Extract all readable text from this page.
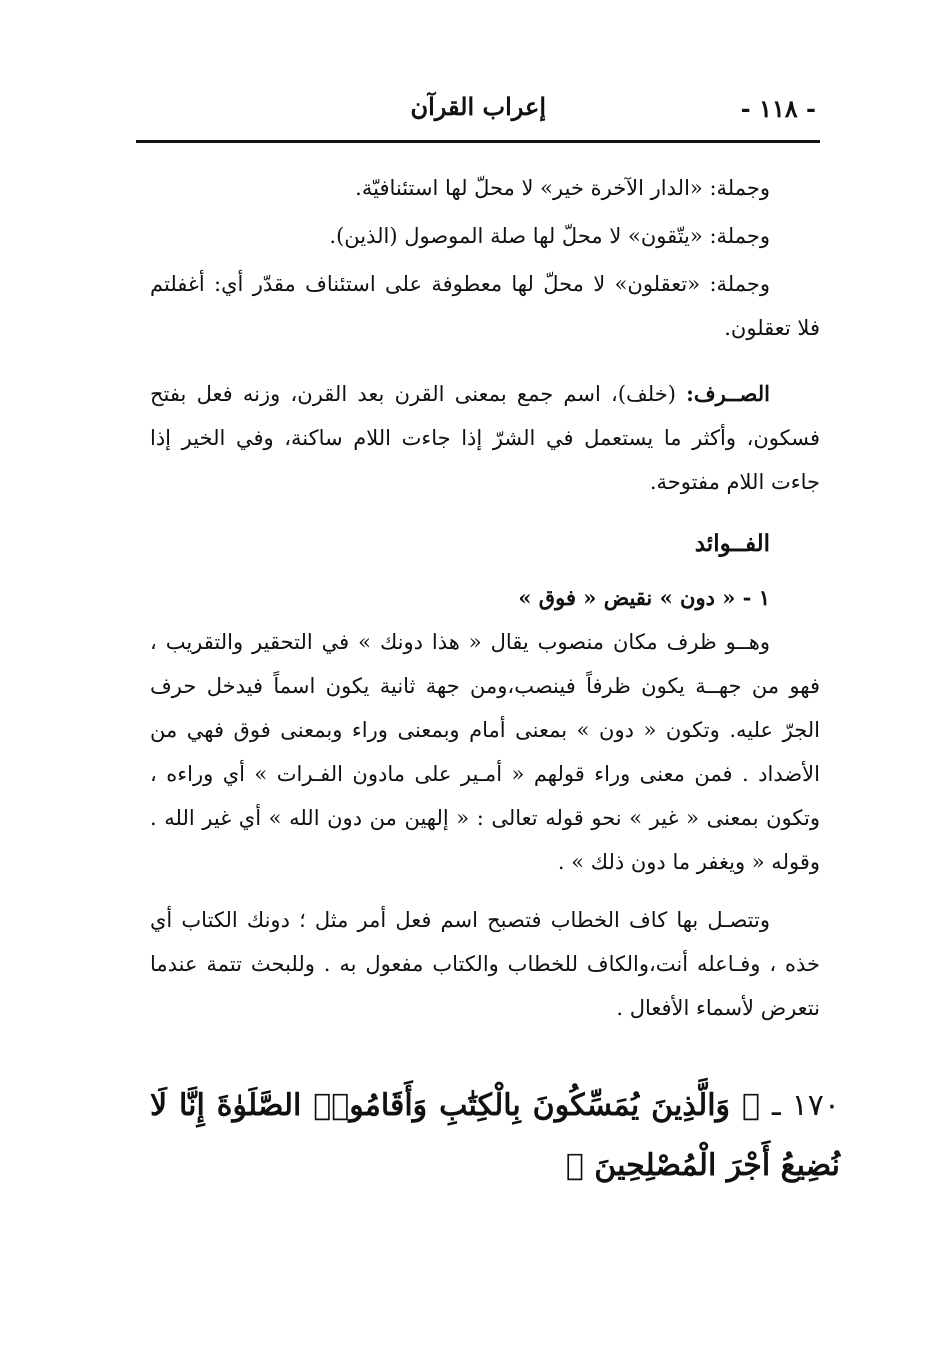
- ١١٨ -
إعراب القرآن

وجملة: «الدار الآخرة خير» لا محلّ لها استئنافيّة.

وجملة: «يتّقون» لا محلّ لها صلة الموصول (الذين).

وجملة: «تعقلون» لا محلّ لها معطوفة على استئناف مقدّر أي: أغفلتم فلا تعقلون.

الصــرف: (خلف)، اسم جمع بمعنى القرن بعد القرن، وزنه فعل بفتح فسكون، وأكثر ما يستعمل في الشرّ إذا جاءت اللام ساكنة، وفي الخير إذا جاءت اللام مفتوحة.

الفــوائد

١ - « دون » نقيض « فوق »

وهــو ظرف مكان منصوب يقال « هذا دونك » في التحقير والتقريب ، فهو من جهــة يكون ظرفاً فينصب،ومن جهة ثانية يكون اسماً فيدخل حرف الجرّ عليه. وتكون « دون » بمعنى أمام وبمعنى وراء وبمعنى فوق فهي من الأضداد . فمن معنى وراء قولهم « أمـير على مادون الفـرات » أي وراءه ، وتكون بمعنى « غير » نحو قوله تعالى : « إلهين من دون الله » أي غير الله . وقوله « ويغفر ما دون ذلك » .

وتتصـل بها كاف الخطاب فتصبح اسم فعل أمر مثل ؛ دونك الكتاب أي خذه ، وفـاعله أنت،والكاف للخطاب والكتاب مفعول به . وللبحث تتمة عندما نتعرض لأسماء الأفعال .

١٧٠ ـ ﴿ وَالَّذِينَ يُمَسِّكُونَ بِالْكِتَٰبِ وَأَقَامُوا۟ الصَّلَوٰةَ إِنَّا لَا نُضِيعُ أَجْرَ الْمُصْلِحِينَ ﴾
